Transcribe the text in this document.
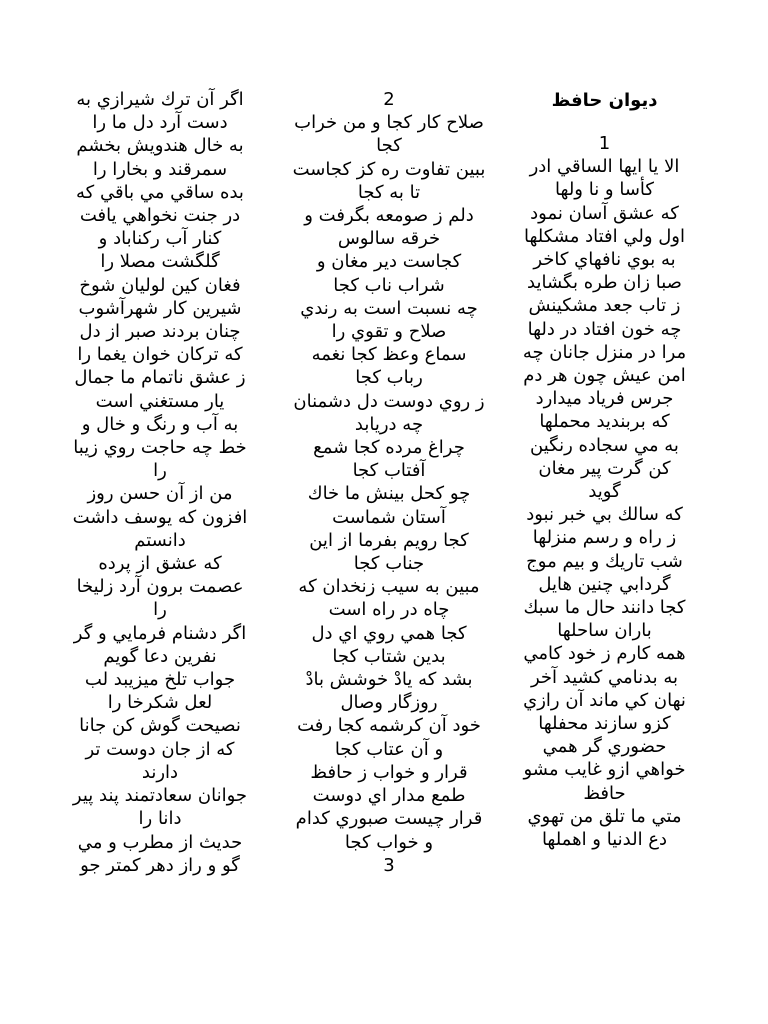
دیوان حافظ
1
الا يا ايها الساقي ادر
كأسا و نا ولها
كه عشق آسان نمود
اول ولي افتاد مشكلها
به بوي نافهاي كاخر
صبا زان طره بگشايد
ز تاب جعد مشكينش
چه خون افتاد در دلها
مرا در منزل جانان چه
امن عيش چون هر دم
جرس فرياد ميدارد
كه بربنديد محملها
به مي سجاده رنگين
كن گرت پير مغان
گويد
كه سالك بي خبر نبود
ز راه و رسم منزلها
شب تاريك و بيم موج
گردابي چنين هايل
كجا دانند حال ما سبك
باران ساحلها
همه كارم ز خود كامي
به بدنامي كشيد آخر
نهان كي ماند آن رازي
كزو سازند محفلها
حضوري گر همي
خواهي ازو غايب مشو
حافظ
متي ما تلق من تهوي
دع الدنيا و اهملها
2
صلاح كار كجا و من خراب
كجا
ببين تفاوت ره كز كجاست
تا به كجا
دلم ز صومعه بگرفت و
خرقه سالوس
كجاست دير مغان و
شراب ناب كجا
چه نسبت است به رندي
صلاح و تقوي را
سماع وعظ كجا نغمه
رباب كجا
ز روي دوست دل دشمنان
چه دريابد
چراغ مرده كجا شمع
آفتاب كجا
چو كحل بينش ما خاك
آستان شماست
كجا رويم بفرما از اين
جناب كجا
مبين به سيب زنخدان كه
چاه در راه است
كجا همي روي اي دل
بدين شتاب كجا
بشد كه يادْ خوشش بادْ
روزگار وصال
خود آن كرشمه كجا رفت
و آن عتاب كجا
قرار و خواب ز حافظ
طمع مدار اي دوست
قرار چيست صبوري كدام
و خواب كجا
3
اگر آن ترك شيرازي به
دست آرد دل ما را
به خال هندويش بخشم
سمرقند و بخارا را
بده ساقي مي باقي كه
در جنت نخواهي يافت
كنار آب ركناباد و
گلگشت مصلا را
فغان كين لوليان شوخ
شيرين كار شهرآشوب
چنان بردند صبر از دل
كه تركان خوان يغما را
ز عشق ناتمام ما جمال
يار مستغني است
به آب و رنگ و خال و
خط چه حاجت روي زيبا
را
من از آن حسن روز
افزون كه يوسف داشت
دانستم
كه عشق از پرده
عصمت برون آرد زليخا
را
اگر دشنام فرمايي و گر
نفرين دعا گويم
جواب تلخ ميزيبد لب
لعل شكرخا را
نصيحت گوش كن جانا
كه از جان دوست تر
دارند
جوانان سعادتمند پند پير
دانا را
حديث از مطرب و مي
گو و راز دهر كمتر جو
